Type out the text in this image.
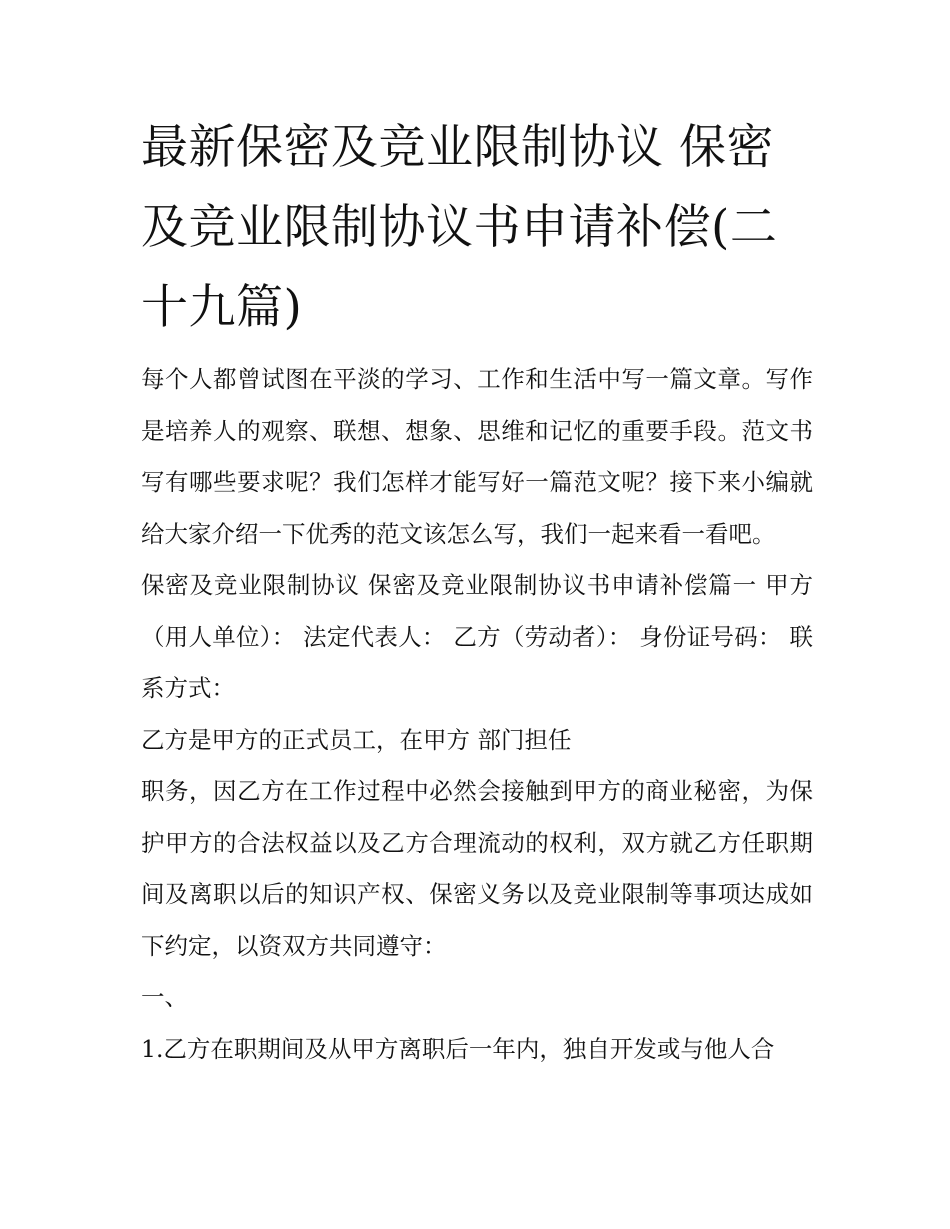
最新保密及竞业限制协议 保密及竞业限制协议书申请补偿(二十九篇)

每个人都曾试图在平淡的学习、工作和生活中写一篇文章。写作是培养人的观察、联想、想象、思维和记忆的重要手段。范文书写有哪些要求呢？我们怎样才能写好一篇范文呢？接下来小编就给大家介绍一下优秀的范文该怎么写，我们一起来看一看吧。

保密及竞业限制协议 保密及竞业限制协议书申请补偿篇一 甲方（用人单位）： 法定代表人： 乙方（劳动者）： 身份证号码： 联系方式：

乙方是甲方的正式员工，在甲方 部门担任

职务，因乙方在工作过程中必然会接触到甲方的商业秘密，为保护甲方的合法权益以及乙方合理流动的权利，双方就乙方任职期间及离职以后的知识产权、保密义务以及竞业限制等事项达成如下约定，以资双方共同遵守：

一、

1.乙方在职期间及从甲方离职后一年内，独自开发或与他人合
